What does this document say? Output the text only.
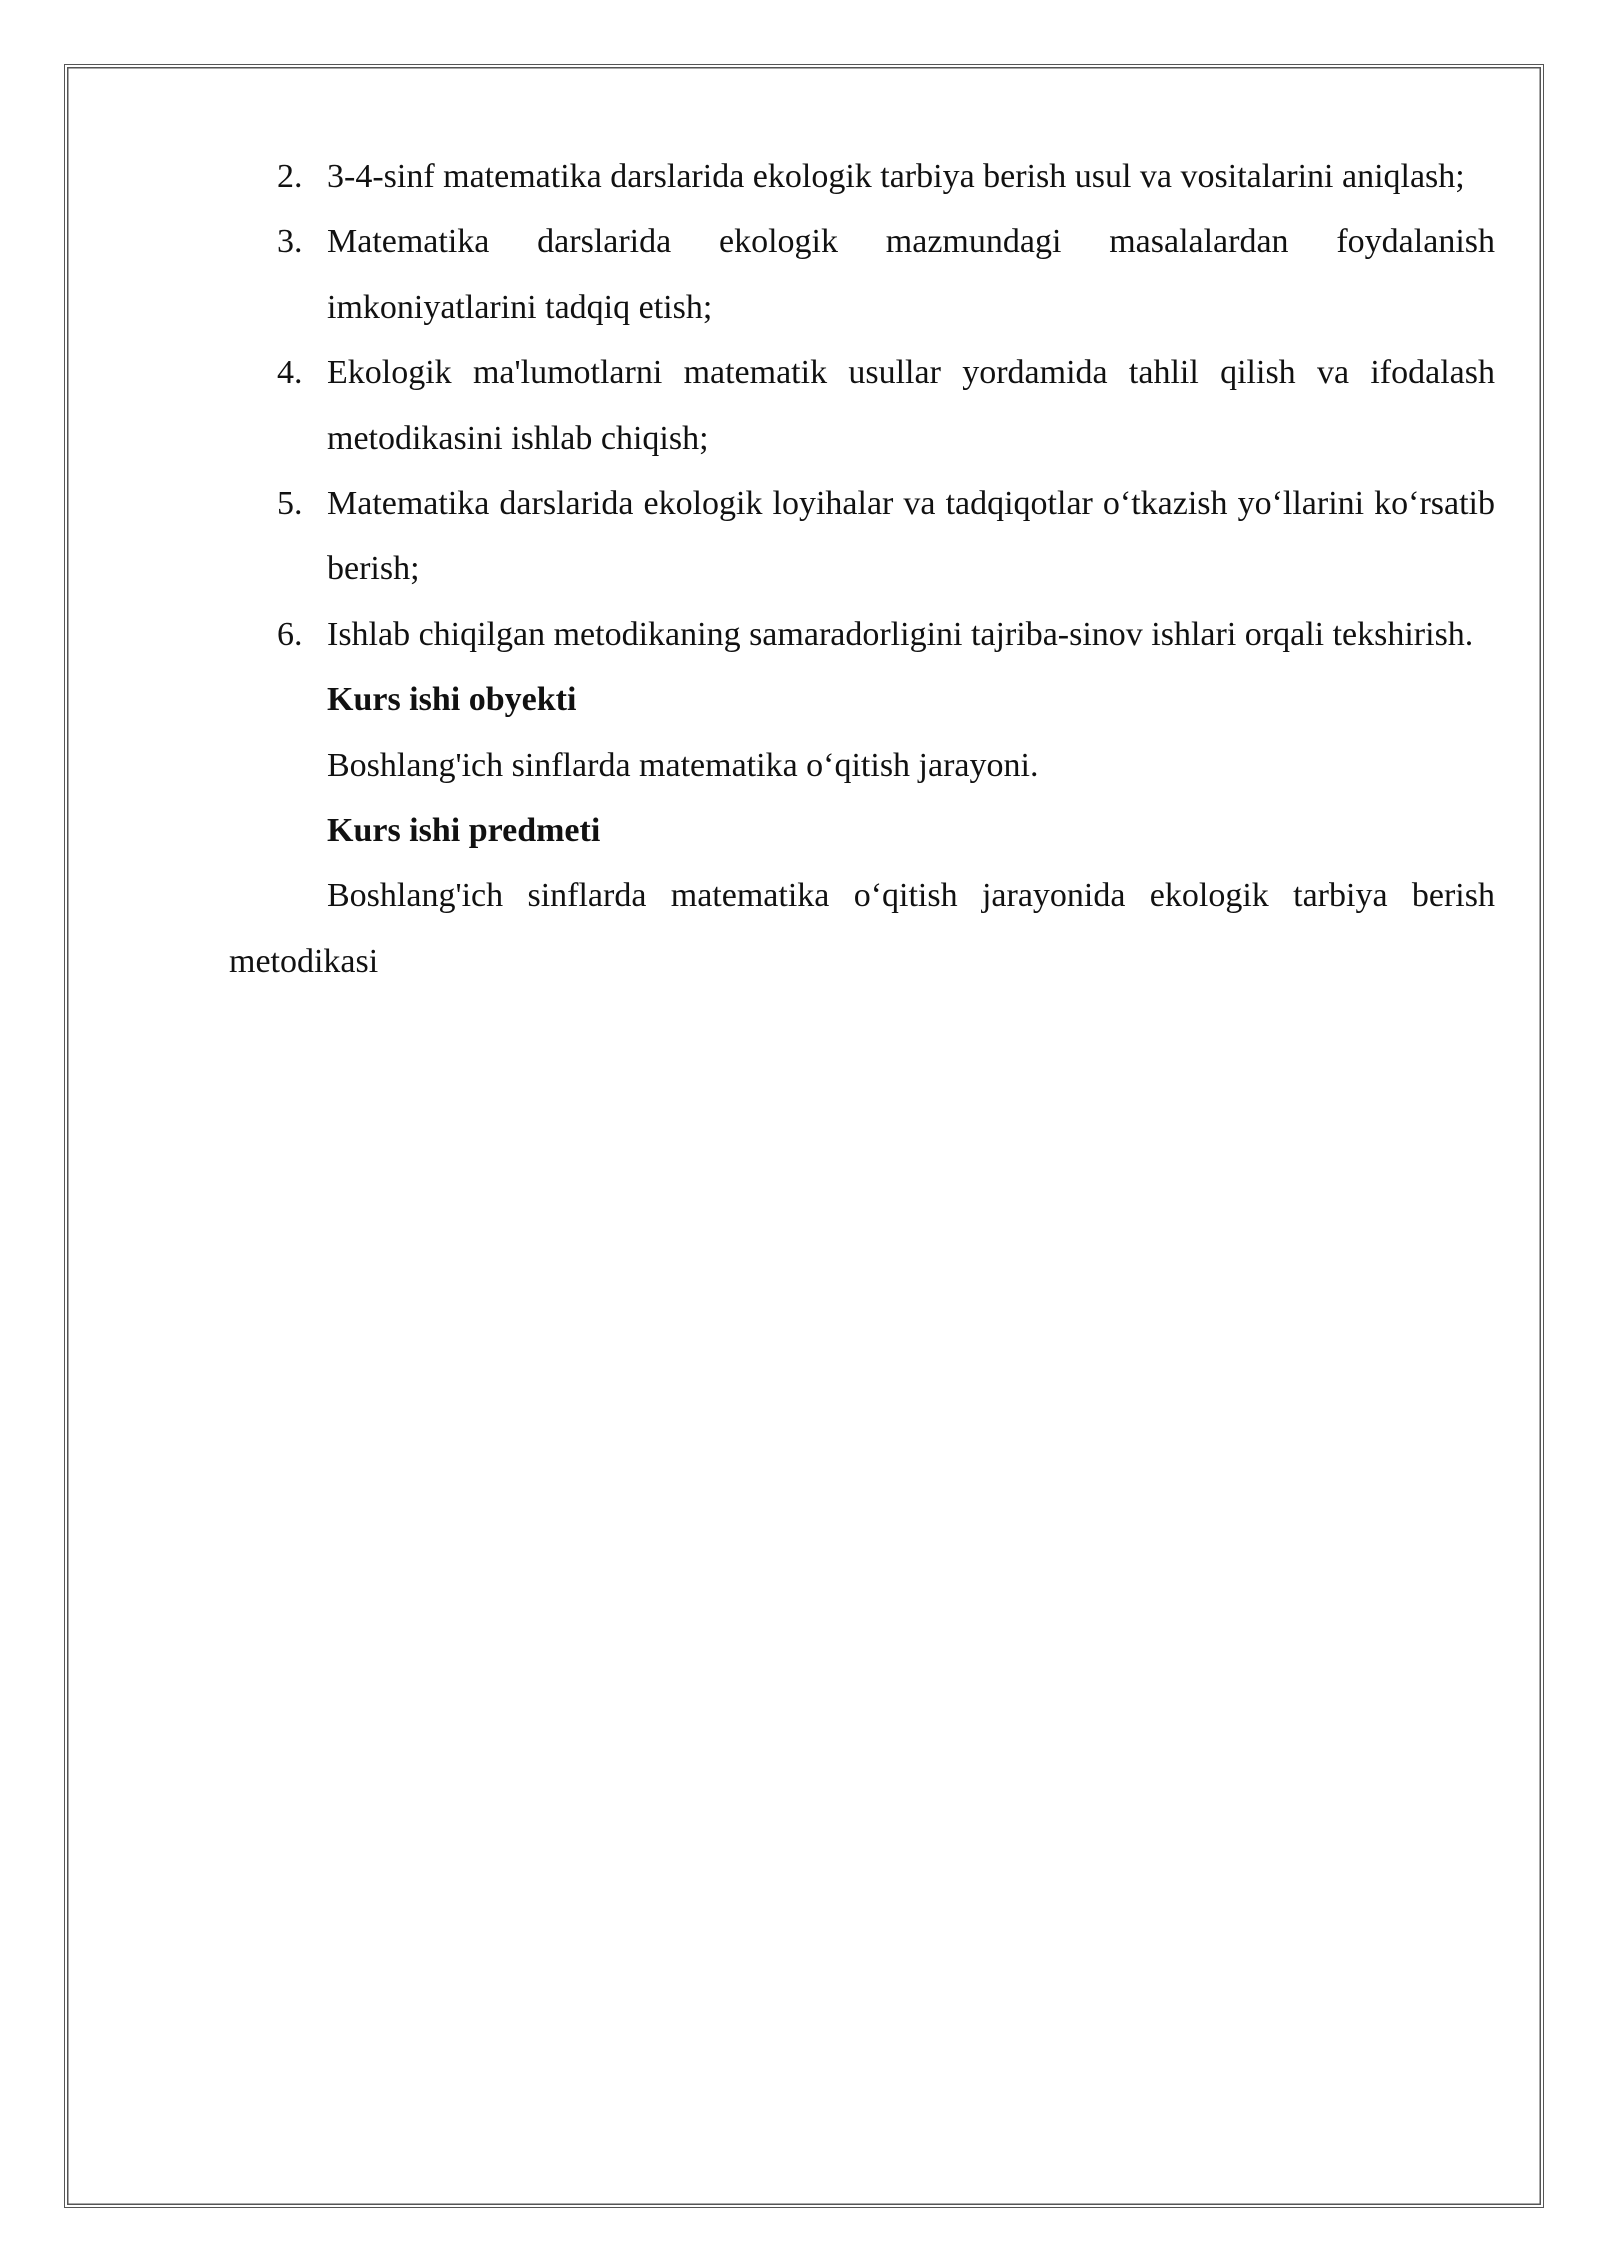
2. 3-4-sinf matematika darslarida ekologik tarbiya berish usul va vositalarini aniqlash;
3. Matematika darslarida ekologik mazmundagi masalalardan foydalanish imkoniyatlarini tadqiq etish;
4. Ekologik ma'lumotlarni matematik usullar yordamida tahlil qilish va ifodalash metodikasini ishlab chiqish;
5. Matematika darslarida ekologik loyihalar va tadqiqotlar o‘tkazish yo‘llarini ko‘rsatib berish;
6. Ishlab chiqilgan metodikaning samaradorligini tajriba-sinov ishlari orqali tekshirish.
Kurs ishi obyekti
Boshlang'ich sinflarda matematika o‘qitish jarayoni.
Kurs ishi predmeti
Boshlang'ich sinflarda matematika o‘qitish jarayonida ekologik tarbiya berish metodikasi
